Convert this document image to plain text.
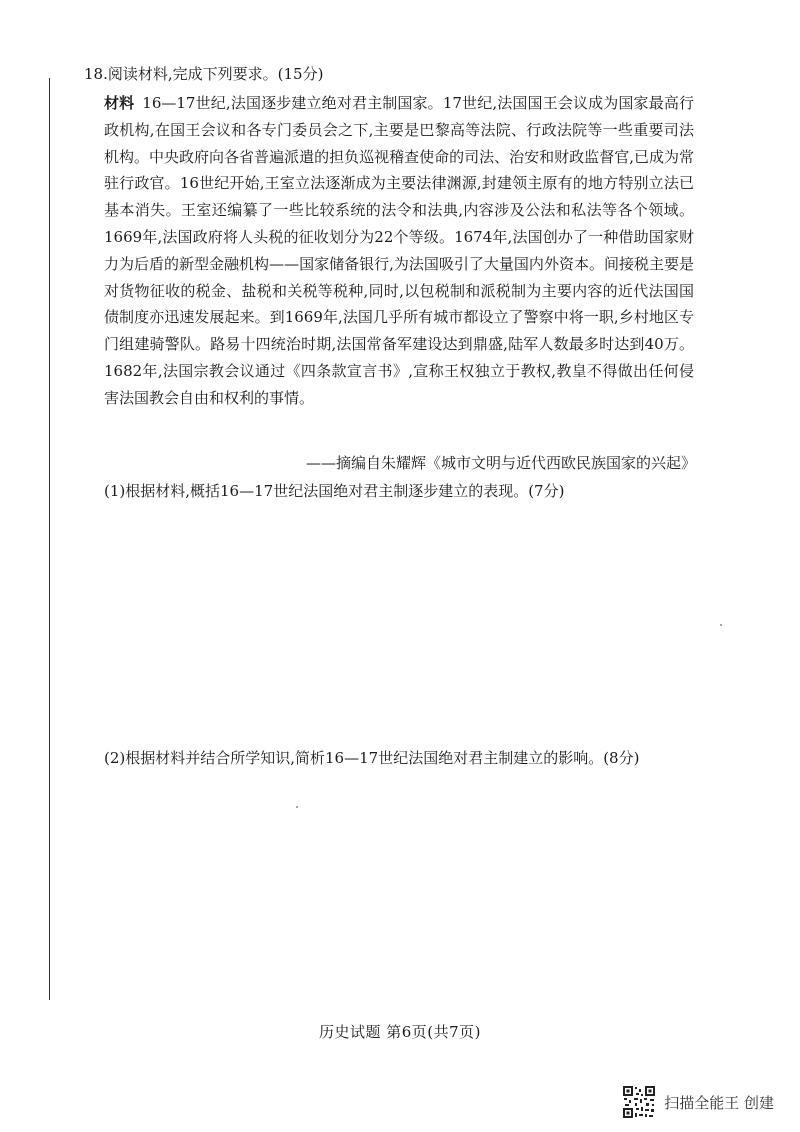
18.阅读材料,完成下列要求。(15分)
材料 16—17世纪,法国逐步建立绝对君主制国家。17世纪,法国国王会议成为国家最高行政机构,在国王会议和各专门委员会之下,主要是巴黎高等法院、行政法院等一些重要司法机构。中央政府向各省普遍派遣的担负巡视稽查使命的司法、治安和财政监督官,已成为常驻行政官。16世纪开始,王室立法逐渐成为主要法律渊源,封建领主原有的地方特别立法已基本消失。王室还编纂了一些比较系统的法令和法典,内容涉及公法和私法等各个领域。1669年,法国政府将人头税的征收划分为22个等级。1674年,法国创办了一种借助国家财力为后盾的新型金融机构——国家储备银行,为法国吸引了大量国内外资本。间接税主要是对货物征收的税金、盐税和关税等税种,同时,以包税制和派税制为主要内容的近代法国国债制度亦迅速发展起来。到1669年,法国几乎所有城市都设立了警察中将一职,乡村地区专门组建骑警队。路易十四统治时期,法国常备军建设达到鼎盛,陆军人数最多时达到40万。1682年,法国宗教会议通过《四条款宣言书》,宣称王权独立于教权,教皇不得做出任何侵害法国教会自由和权利的事情。
——摘编自朱耀辉《城市文明与近代西欧民族国家的兴起》
(1)根据材料,概括16—17世纪法国绝对君主制逐步建立的表现。(7分)
(2)根据材料并结合所学知识,简析16—17世纪法国绝对君主制建立的影响。(8分)
历史试题 第6页(共7页)
扫描全能王 创建
